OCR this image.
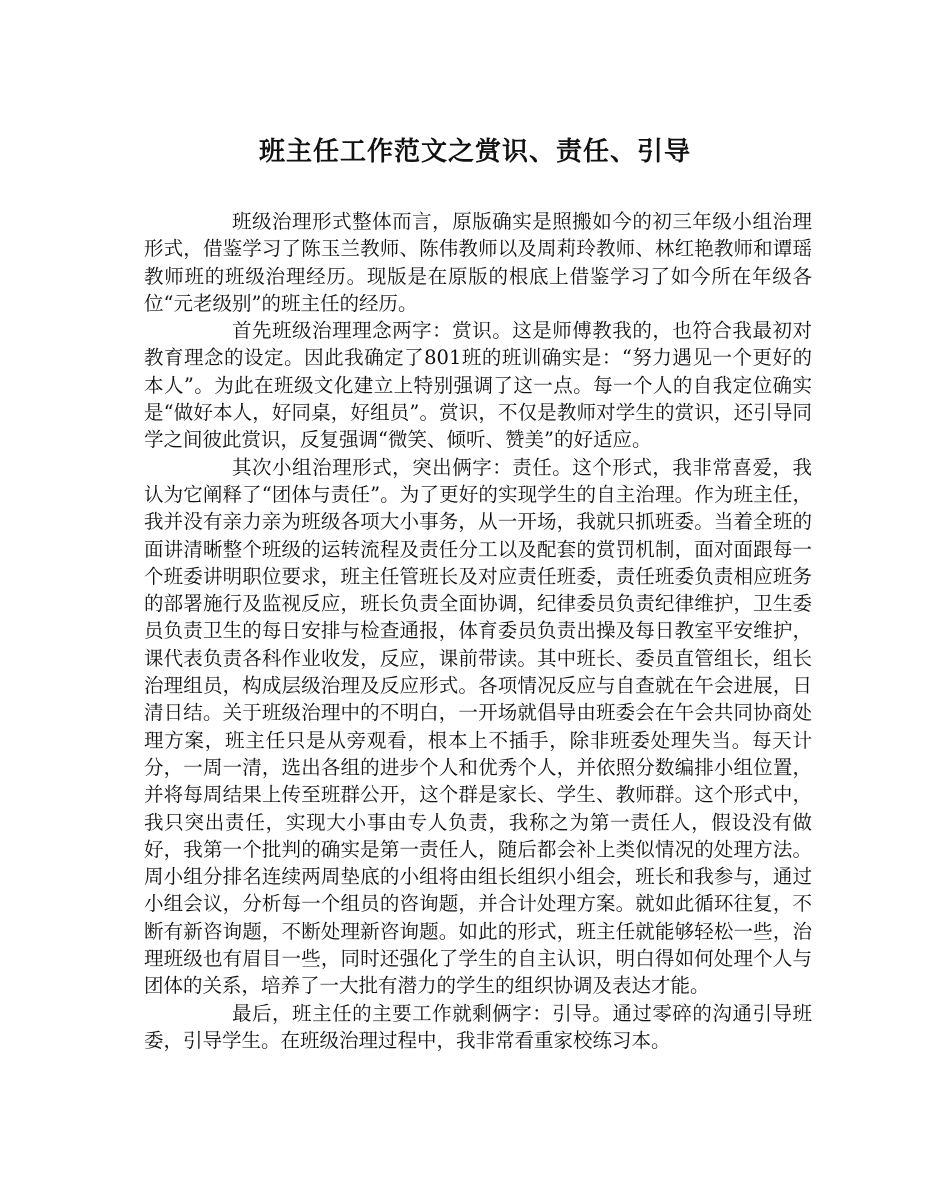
班主任工作范文之赏识、责任、引导

班级治理形式整体而言，原版确实是照搬如今的初三年级小组治理形式，借鉴学习了陈玉兰教师、陈伟教师以及周莉玲教师、林红艳教师和谭瑶教师班的班级治理经历。现版是在原版的根底上借鉴学习了如今所在年级各位“元老级别”的班主任的经历。

首先班级治理理念两字：赏识。这是师傅教我的，也符合我最初对教育理念的设定。因此我确定了801班的班训确实是：“努力遇见一个更好的本人”。为此在班级文化建立上特别强调了这一点。每一个人的自我定位确实是“做好本人，好同桌，好组员”。赏识，不仅是教师对学生的赏识，还引导同学之间彼此赏识，反复强调“微笑、倾听、赞美”的好适应。

其次小组治理形式，突出俩字：责任。这个形式，我非常喜爱，我认为它阐释了“团体与责任”。为了更好的实现学生的自主治理。作为班主任，我并没有亲力亲为班级各项大小事务，从一开场，我就只抓班委。当着全班的面讲清晰整个班级的运转流程及责任分工以及配套的赏罚机制，面对面跟每一个班委讲明职位要求，班主任管班长及对应责任班委，责任班委负责相应班务的部署施行及监视反应，班长负责全面协调，纪律委员负责纪律维护，卫生委员负责卫生的每日安排与检查通报，体育委员负责出操及每日教室平安维护，课代表负责各科作业收发，反应，课前带读。其中班长、委员直管组长，组长治理组员，构成层级治理及反应形式。各项情况反应与自查就在午会进展，日清日结。关于班级治理中的不明白，一开场就倡导由班委会在午会共同协商处理方案，班主任只是从旁观看，根本上不插手，除非班委处理失当。每天计分，一周一清，选出各组的进步个人和优秀个人，并依照分数编排小组位置，并将每周结果上传至班群公开，这个群是家长、学生、教师群。这个形式中，我只突出责任，实现大小事由专人负责，我称之为第一责任人，假设没有做好，我第一个批判的确实是第一责任人，随后都会补上类似情况的处理方法。周小组分排名连续两周垫底的小组将由组长组织小组会，班长和我参与，通过小组会议，分析每一个组员的咨询题，并合计处理方案。就如此循环往复，不断有新咨询题，不断处理新咨询题。如此的形式，班主任就能够轻松一些，治理班级也有眉目一些，同时还强化了学生的自主认识，明白得如何处理个人与团体的关系，培养了一大批有潜力的学生的组织协调及表达才能。

最后，班主任的主要工作就剩俩字：引导。通过零碎的沟通引导班委，引导学生。在班级治理过程中，我非常看重家校练习本。
